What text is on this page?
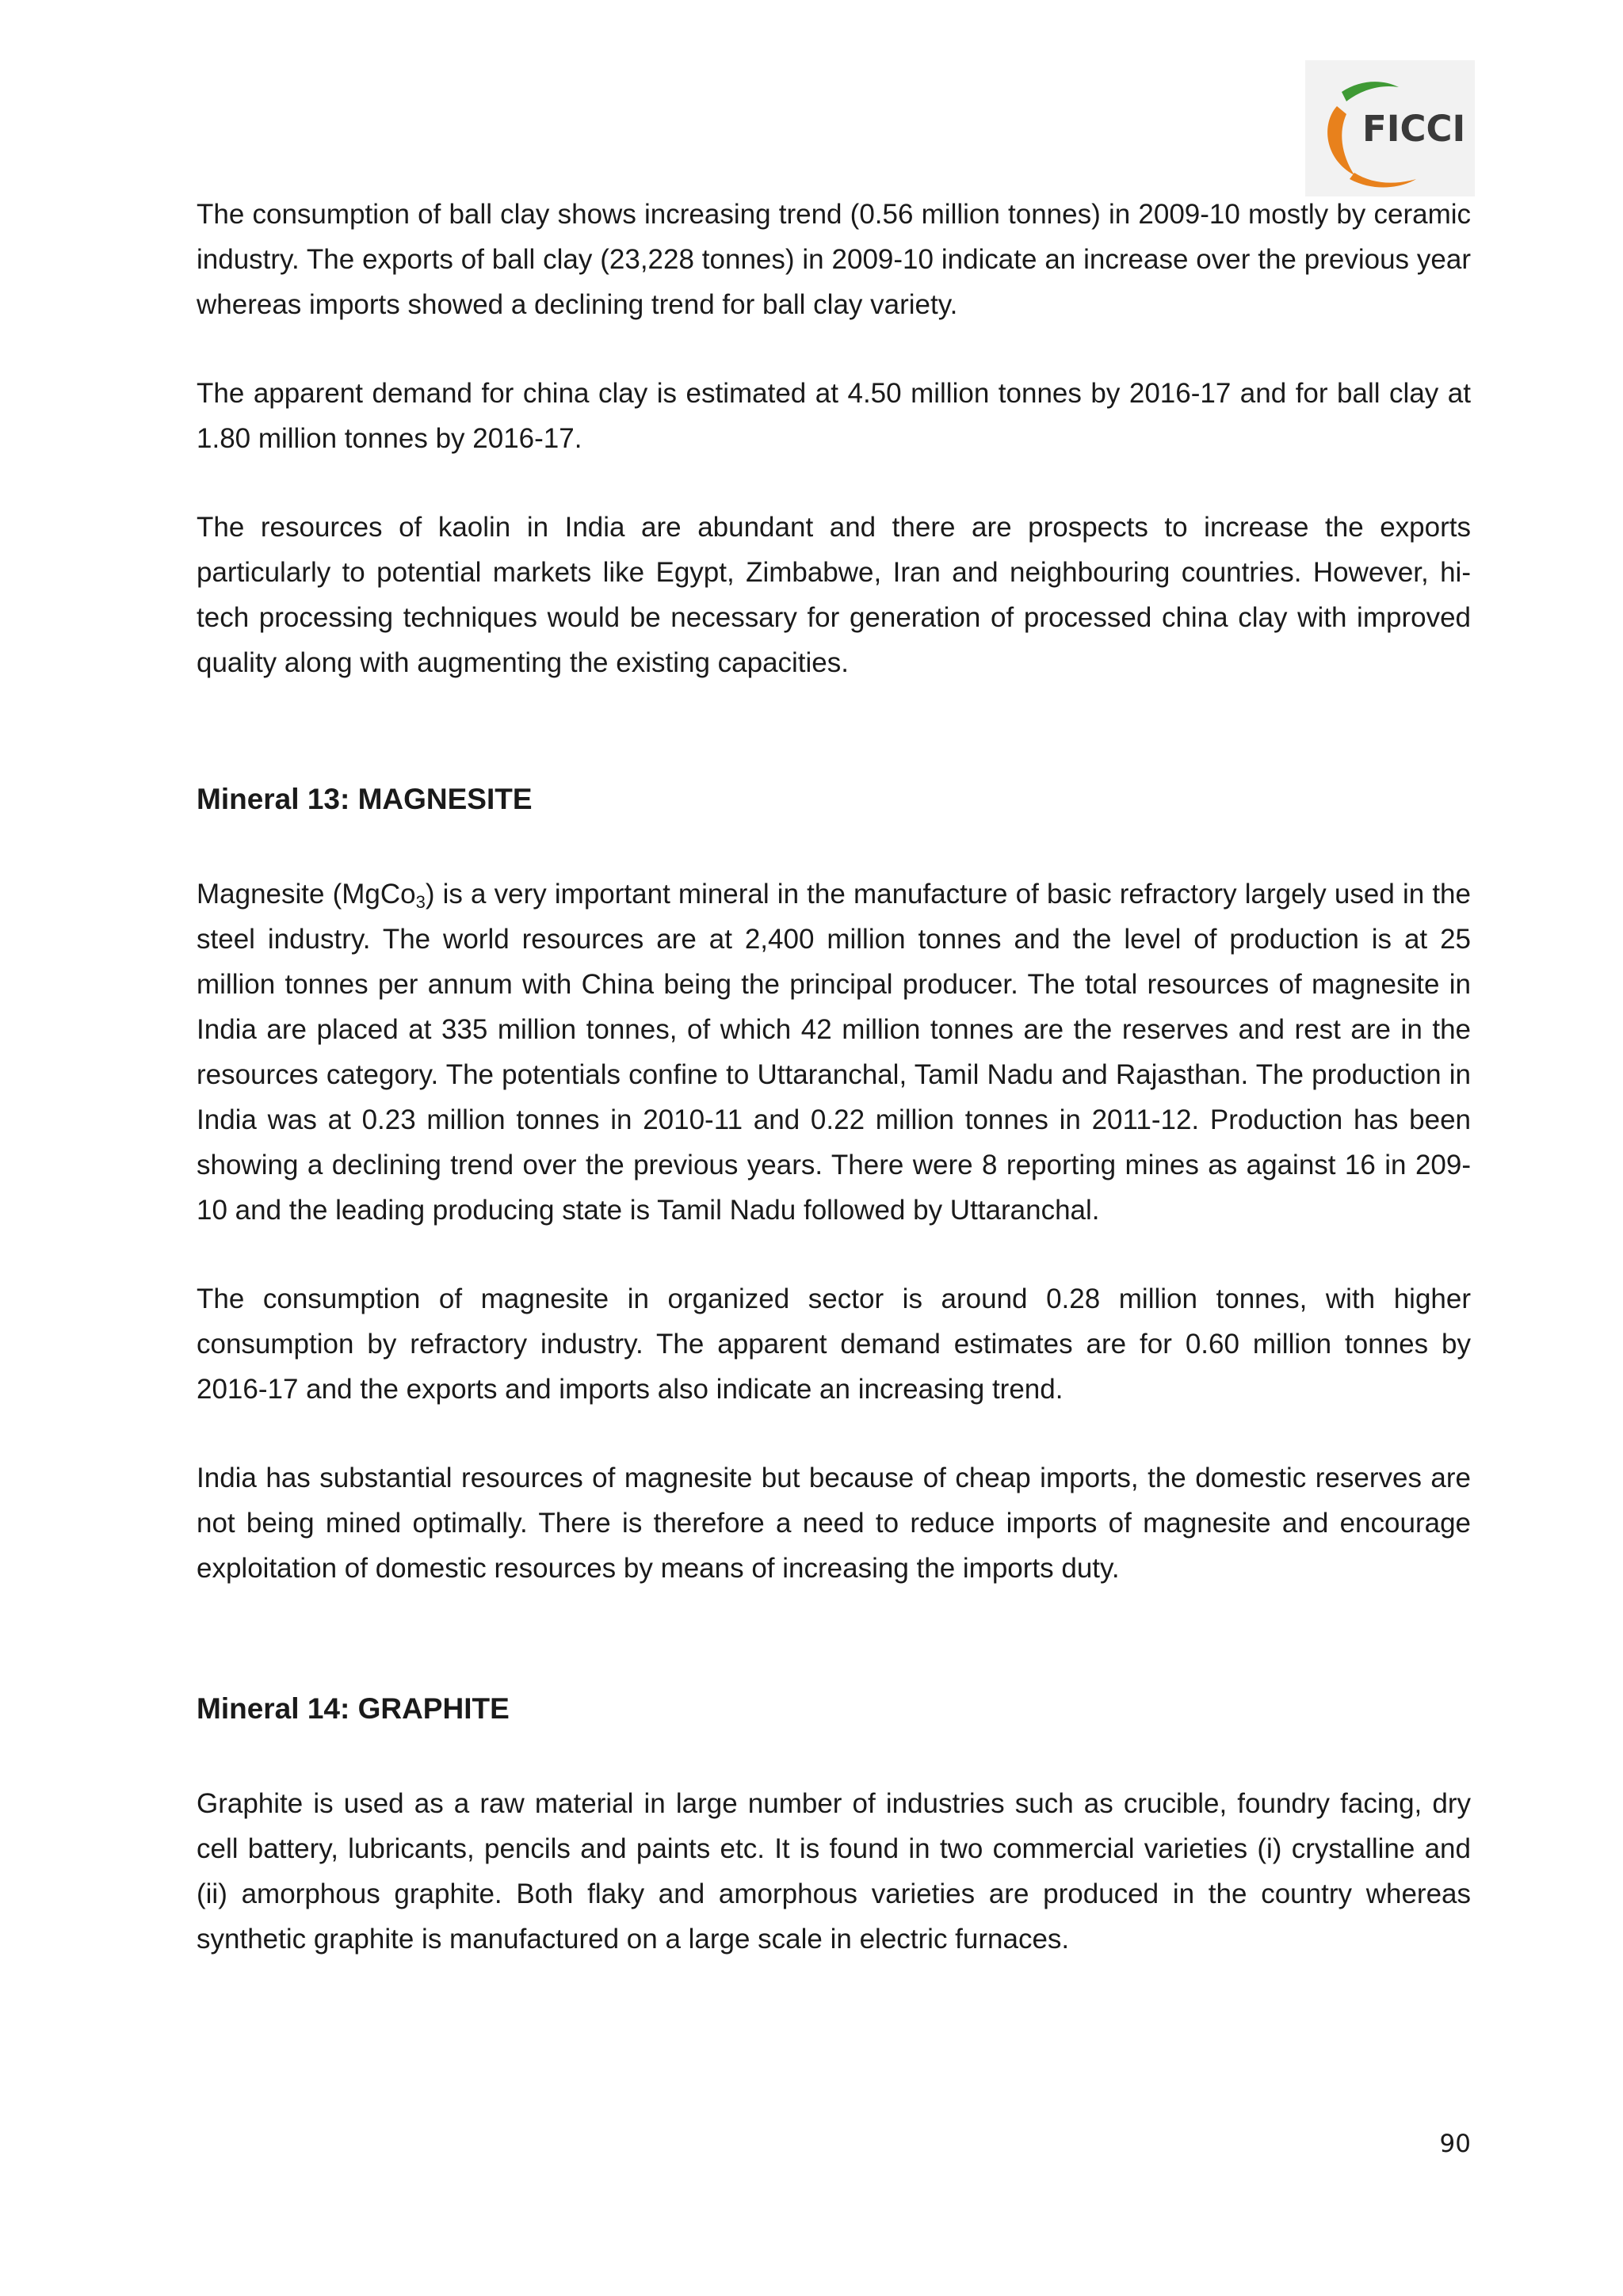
FICCI

The consumption of ball clay shows increasing trend (0.56 million tonnes) in 2009-10 mostly by ceramic industry. The exports of ball clay (23,228 tonnes) in 2009-10 indicate an increase over the previous year whereas imports showed a declining trend for ball clay variety.

The apparent demand for china clay is estimated at 4.50 million tonnes by 2016-17 and for ball clay at 1.80 million tonnes by 2016-17.

The resources of kaolin in India are abundant and there are prospects to increase the exports particularly to potential markets like Egypt, Zimbabwe, Iran and neighbouring countries. However, hi-tech processing techniques would be necessary for generation of processed china clay with improved quality along with augmenting the existing capacities.

Mineral 13: MAGNESITE

Magnesite (MgCo$_3$) is a very important mineral in the manufacture of basic refractory largely used in the steel industry. The world resources are at 2,400 million tonnes and the level of production is at 25 million tonnes per annum with China being the principal producer. The total resources of magnesite in India are placed at 335 million tonnes, of which 42 million tonnes are the reserves and rest are in the resources category. The potentials confine to Uttaranchal, Tamil Nadu and Rajasthan. The production in India was at 0.23 million tonnes in 2010-11 and 0.22 million tonnes in 2011-12. Production has been showing a declining trend over the previous years. There were 8 reporting mines as against 16 in 209-10 and the leading producing state is Tamil Nadu followed by Uttaranchal.

The consumption of magnesite in organized sector is around 0.28 million tonnes, with higher consumption by refractory industry. The apparent demand estimates are for 0.60 million tonnes by 2016-17 and the exports and imports also indicate an increasing trend.

India has substantial resources of magnesite but because of cheap imports, the domestic reserves are not being mined optimally. There is therefore a need to reduce imports of magnesite and encourage exploitation of domestic resources by means of increasing the imports duty.

Mineral 14: GRAPHITE

Graphite is used as a raw material in large number of industries such as crucible, foundry facing, dry cell battery, lubricants, pencils and paints etc. It is found in two commercial varieties (i) crystalline and (ii) amorphous graphite. Both flaky and amorphous varieties are produced in the country whereas synthetic graphite is manufactured on a large scale in electric furnaces.

90
